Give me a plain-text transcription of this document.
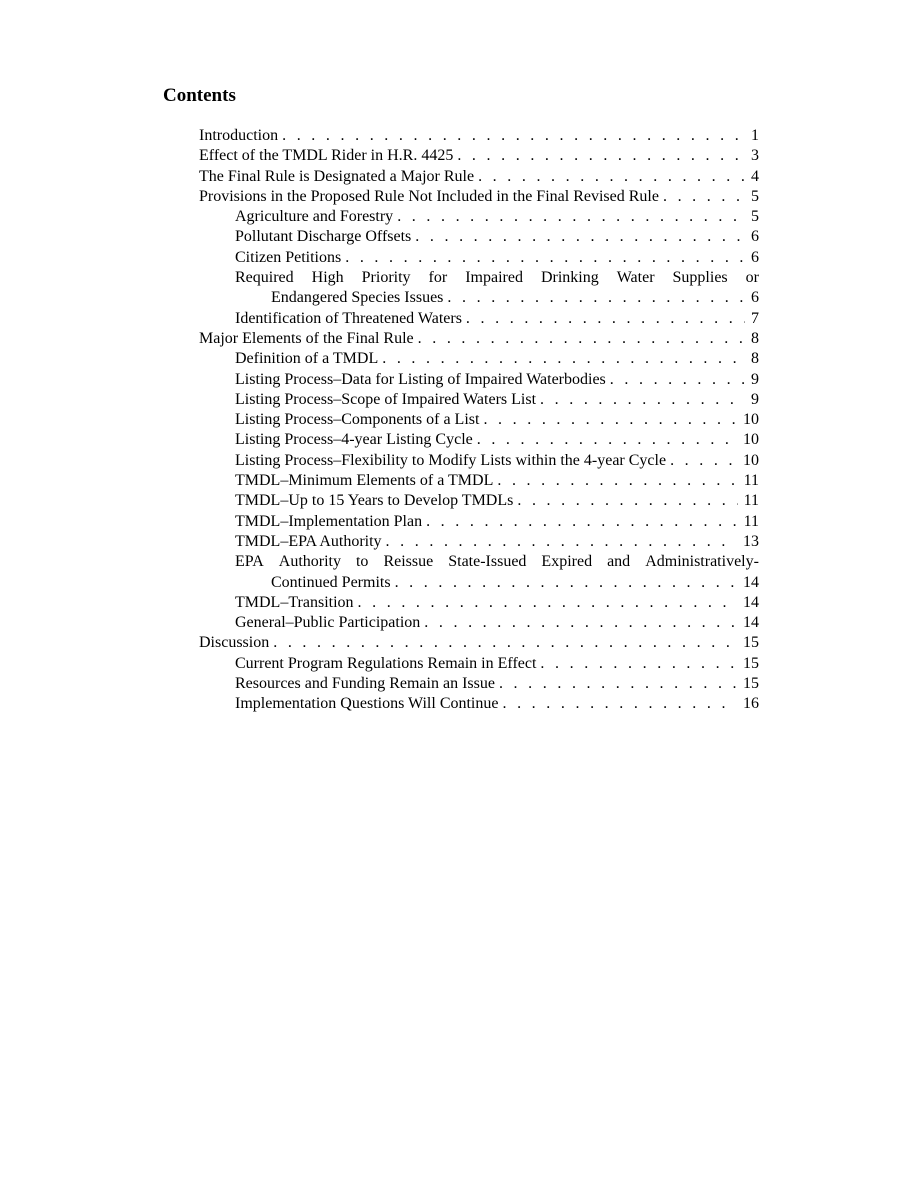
Contents
Introduction . . .	1
Effect of the TMDL Rider in H.R. 4425 . . .	3
The Final Rule is Designated a Major Rule . . .	4
Provisions in the Proposed Rule Not Included in the Final Revised Rule . . .	5
Agriculture and Forestry . . .	5
Pollutant Discharge Offsets . . .	6
Citizen Petitions . . .	6
Required High Priority for Impaired Drinking Water Supplies or
Endangered Species Issues . . .	6
Identification of Threatened Waters . . .	7
Major Elements of the Final Rule . . .	8
Definition of a TMDL . . .	8
Listing Process–Data for Listing of Impaired Waterbodies . . .	9
Listing Process–Scope of Impaired Waters List . . .	9
Listing Process–Components of a List . . .	10
Listing Process–4-year Listing Cycle . . .	10
Listing Process–Flexibility to Modify Lists within the 4-year Cycle . . .	10
TMDL–Minimum Elements of a TMDL . . .	11
TMDL–Up to 15 Years to Develop TMDLs . . .	11
TMDL–Implementation Plan . . .	11
TMDL–EPA Authority . . .	13
EPA Authority to Reissue State-Issued Expired and Administratively-
Continued Permits . . .	14
TMDL–Transition . . .	14
General–Public Participation . . .	14
Discussion . . .	15
Current Program Regulations Remain in Effect . . .	15
Resources and Funding Remain an Issue . . .	15
Implementation Questions Will Continue . . .	16
